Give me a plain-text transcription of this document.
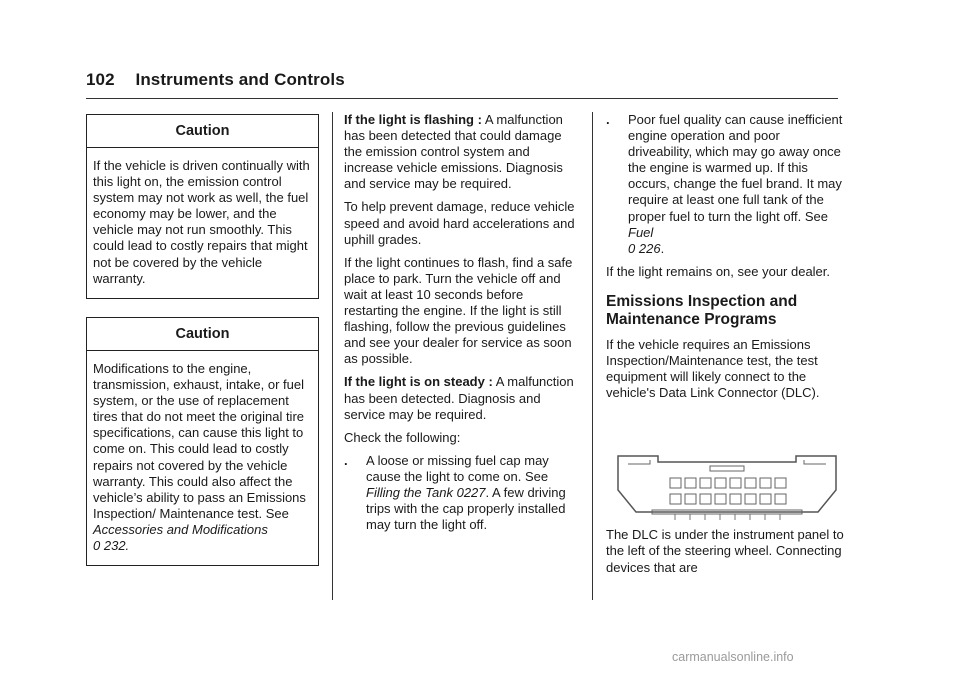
102 Instruments and Controls
Caution
If the vehicle is driven continually with this light on, the emission control system may not work as well, the fuel economy may be lower, and the vehicle may not run smoothly. This could lead to costly repairs that might not be covered by the vehicle warranty.
Caution
Modifications to the engine, transmission, exhaust, intake, or fuel system, or the use of replacement tires that do not meet the original tire specifications, can cause this light to come on. This could lead to costly repairs not covered by the vehicle warranty. This could also affect the vehicle’s ability to pass an Emissions Inspection/ Maintenance test. See Accessories and Modifications
0 232.

If the light is flashing : A malfunction has been detected that could damage the emission control system and increase vehicle emissions. Diagnosis and service may be required.

To help prevent damage, reduce vehicle speed and avoid hard accelerations and uphill grades.

If the light continues to flash, find a safe place to park. Turn the vehicle off and wait at least 10 seconds before restarting the engine. If the light is still flashing, follow the previous guidelines and see your dealer for service as soon as possible.

If the light is on steady : A malfunction has been detected. Diagnosis and service may be required.

Check the following:

. A loose or missing fuel cap may cause the light to come on. See Filling the Tank 0227. A few driving trips with the cap properly installed may turn the light off.
. Poor fuel quality can cause inefficient engine operation and poor driveability, which may go away once the engine is warmed up. If this occurs, change the fuel brand. It may require at least one full tank of the proper fuel to turn the light off. See Fuel
0 226.

If the light remains on, see your dealer.

Emissions Inspection and Maintenance Programs

If the vehicle requires an Emissions Inspection/Maintenance test, the test equipment will likely connect to the vehicle's Data Link Connector (DLC).

The DLC is under the instrument panel to the left of the steering wheel. Connecting devices that are

carmanualsonline.info
